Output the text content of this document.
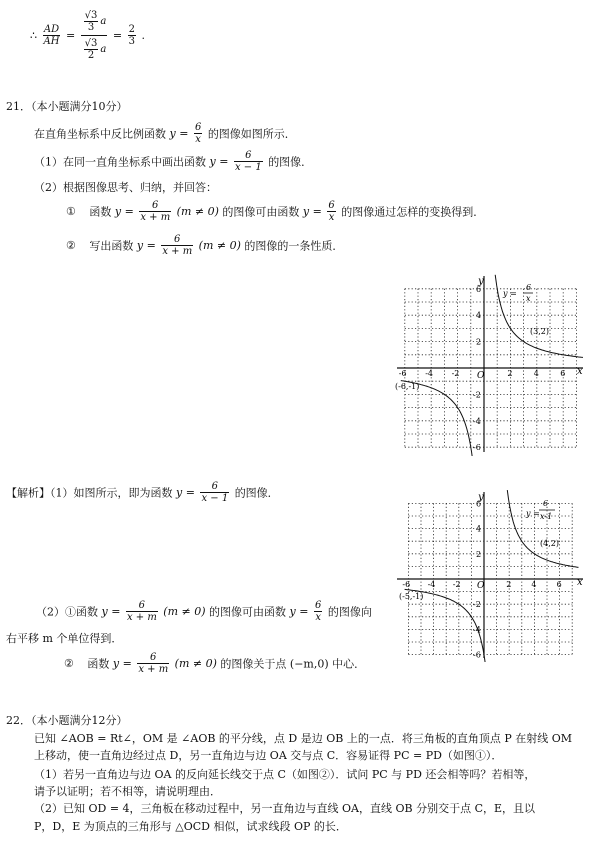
∴ $\frac{AD}{AH} = \frac{\frac{√3}{3} a}{\frac{√3}{2} a} = \frac{2}{3}$ .
21．（本小题满分10分）
在直角坐标系中反比例函数 $y = \frac{6}{x}$ 的图像如图所示．
（1）在同一直角坐标系中画出函数 $y = \frac{6}{x - 1}$ 的图像．
（2）根据图像思考、归纳，并回答：
① 函数 $y = \frac{6}{x + m} (m \ne 0)$ 的图像可由函数 $y = \frac{6}{x}$ 的图像通过怎样的变换得到．
② 写出函数 $y = \frac{6}{x + m} (m \ne 0)$ 的图像的一条性质．
y
x
O
y =
6
x
(3,2)
(-6,-1)
-6 -4 -2	2	4	6
6
4
2
-2
-4
-6
【解析】（1）如图所示，即为函数 $y = \frac{6}{x - 1}$ 的图像．
（2）①函数 $y = \frac{6}{x + m} (m \ne 0)$ 的图像可由函数 $y = \frac{6}{x}$ 的图像向
右平移 m 个单位得到．
② 函数 $y = \frac{6}{x + m} (m \ne 0)$ 的图像关于点 (−m,0) 中心．
y
x
O
y =
6
x-1
(4,2)
(-5,-1)
-6 -4 -2	2	4	6
6
4
2
-2
-4
-6
22．（本小题满分12分）
已知 ∠AOB = Rt∠，OM 是 ∠AOB 的平分线，点 D 是边 OB 上的一点．将三角板的直角顶点 P 在射线 OM
上移动，使一直角边经过点 D，另一直角边与边 OA 交与点 C．容易证得 PC = PD（如图①）．
（1）若另一直角边与边 OA 的反向延长线交于点 C（如图②）．试问 PC 与 PD 还会相等吗？若相等，
请予以证明；若不相等，请说明理由．
（2）已知 OD = 4，三角板在移动过程中，另一直角边与直线 OA，直线 OB 分别交于点 C，E，且以
P，D，E 为顶点的三角形与 △OCD 相似，试求线段 OP 的长．
